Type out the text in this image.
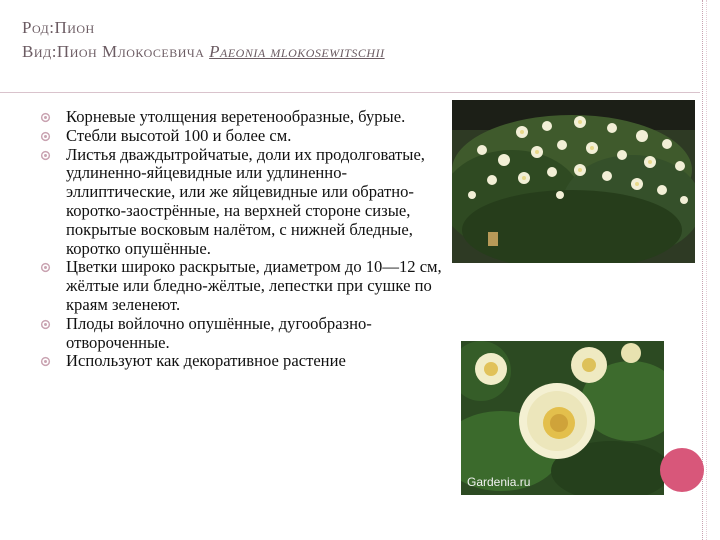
Род:Пион
Вид:Пион Млокосевича Paeonia mlokosewitschii
Корневые утолщения веретенообразные, бурые.
Стебли высотой 100 и более см.
Листья дваждытройчатые, доли их продолговатые, удлиненно-яйцевидные или удлиненно-эллиптические, или же яйцевидные или обратно-коротко-заострённые, на верхней стороне сизые, покрытые восковым налётом, с нижней бледные, коротко опушённые.
Цветки широко раскрытые, диаметром до 10—12 см, жёлтые или бледно-жёлтые, лепестки при сушке по краям зеленеют.
Плоды войлочно опушённые, дугообразно-отвороченные.
Используют как декоративное растение
Gardenia.ru
